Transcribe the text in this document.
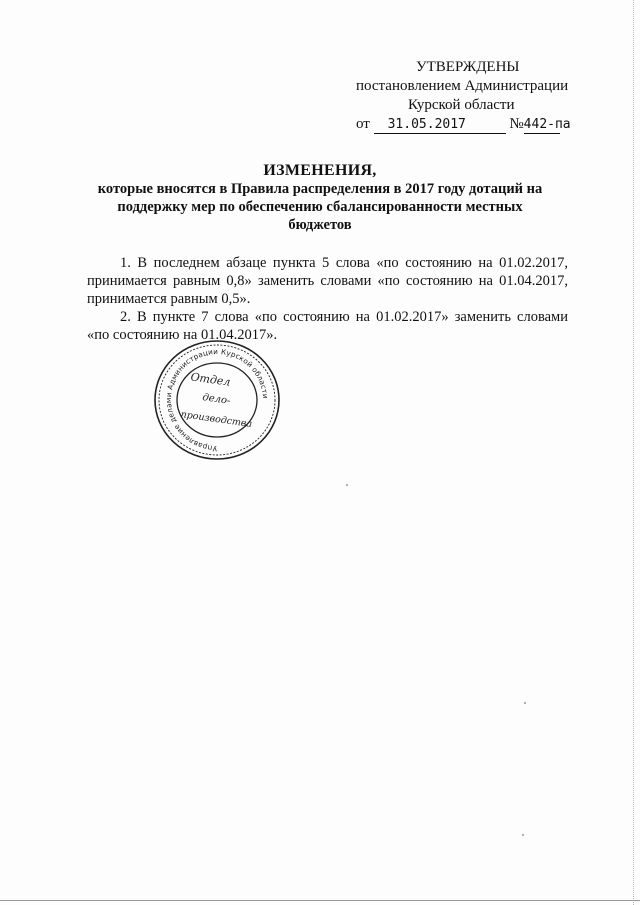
УТВЕРЖДЕНЫ
постановлением Администрации
Курской области
от 31.05.2017	№442-па
ИЗМЕНЕНИЯ,
которые вносятся в Правила распределения в 2017 году дотаций на
поддержку мер по обеспечению сбалансированности местных
бюджетов

1. В последнем абзаце пункта 5 слова «по состоянию на 01.02.2017,
принимается равным 0,8» заменить словами «по состоянию на 01.04.2017,
принимается равным 0,5».

2. В пункте 7 слова «по состоянию на 01.02.2017» заменить словами
«по состоянию на 01.04.2017».

Управление делами Администрации Курской области
Отдел
дело-
производства
